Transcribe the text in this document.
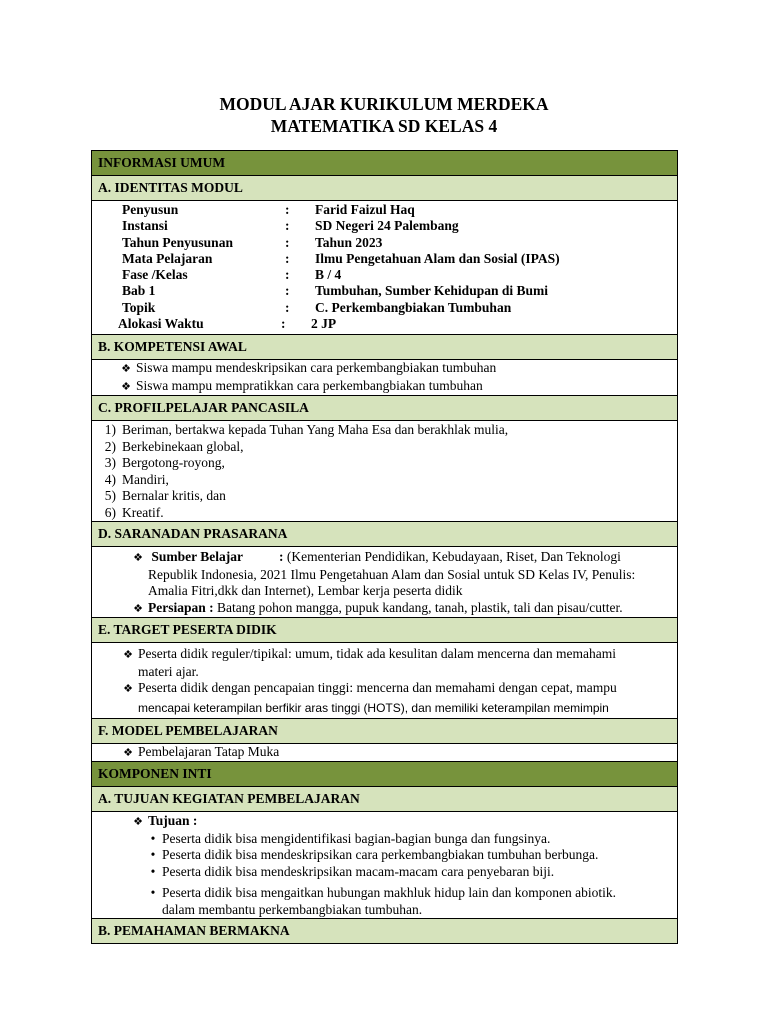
MODUL AJAR KURIKULUM MERDEKA
MATEMATIKA SD KELAS 4
INFORMASI UMUM
A. IDENTITAS MODUL

Penyusun	:	Farid Faizul Haq
Instansi	:	SD Negeri 24 Palembang
Tahun Penyusunan	:	Tahun 2023
Mata Pelajaran	:	Ilmu Pengetahuan Alam dan Sosial (IPAS)
Fase /Kelas	:	B / 4
Bab 1	:	Tumbuhan, Sumber Kehidupan di Bumi
Topik	:	C. Perkembangbiakan Tumbuhan
Alokasi Waktu	:	2 JP

B. KOMPETENSI AWAL

❖ Siswa mampu mendeskripsikan cara perkembangbiakan tumbuhan
❖ Siswa mampu mempratikkan cara perkembangbiakan tumbuhan

C. PROFILPELAJAR PANCASILA

1) Beriman, bertakwa kepada Tuhan Yang Maha Esa dan berakhlak mulia,
2) Berkebinekaan global,
3) Bergotong-royong,
4) Mandiri,
5) Bernalar kritis, dan
6) Kreatif.

D. SARANADAN PRASARANA

❖ Sumber Belajar	: (Kementerian Pendidikan, Kebudayaan, Riset, Dan Teknologi
Republik Indonesia, 2021 Ilmu Pengetahuan Alam dan Sosial untuk SD Kelas IV, Penulis:
Amalia Fitri,dkk dan Internet), Lembar kerja peserta didik
❖ Persiapan : Batang pohon mangga, pupuk kandang, tanah, plastik, tali dan pisau/cutter.

E. TARGET PESERTA DIDIK

❖ Peserta didik reguler/tipikal: umum, tidak ada kesulitan dalam mencerna dan memahami
materi ajar.
❖ Peserta didik dengan pencapaian tinggi: mencerna dan memahami dengan cepat, mampu
mencapai keterampilan berfikir aras tinggi (HOTS), dan memiliki keterampilan memimpin

F. MODEL PEMBELAJARAN

❖ Pembelajaran Tatap Muka

KOMPONEN INTI
A. TUJUAN KEGIATAN PEMBELAJARAN

❖ Tujuan :
• Peserta didik bisa mengidentifikasi bagian-bagian bunga dan fungsinya.
• Peserta didik bisa mendeskripsikan cara perkembangbiakan tumbuhan berbunga.
• Peserta didik bisa mendeskripsikan macam-macam cara penyebaran biji.
• Peserta didik bisa mengaitkan hubungan makhluk hidup lain dan komponen abiotik.
dalam membantu perkembangbiakan tumbuhan.

B. PEMAHAMAN BERMAKNA
